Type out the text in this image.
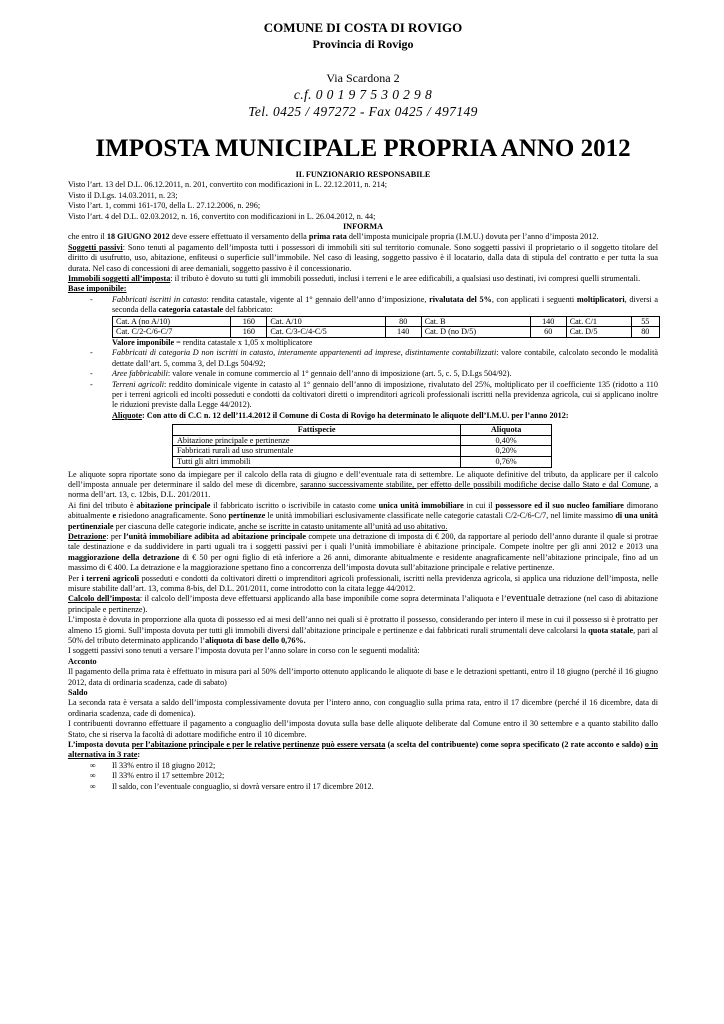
COMUNE DI COSTA DI ROVIGO
Provincia di Rovigo
Via Scardona 2
c.f. 0 0 1 9 7 5 3 0 2 9 8
Tel. 0425 / 497272 - Fax 0425 / 497149
IMPOSTA MUNICIPALE PROPRIA ANNO 2012
IL FUNZIONARIO RESPONSABILE

Visto l’art. 13 del D.L. 06.12.2011, n. 201, convertito con modificazioni in L. 22.12.2011, n. 214;

Visto il D.Lgs. 14.03.2011, n. 23;

Visto l’art. 1, commi 161-170, della L. 27.12.2006, n. 296;

Visto l’art. 4 del D.L. 02.03.2012, n. 16, convertito con modificazioni in L. 26.04.2012, n. 44;

INFORMA

che entro il 18 GIUGNO 2012 deve essere effettuato il versamento della prima rata dell’imposta municipale propria (I.M.U.) dovuta per l’anno d’imposta 2012.

Soggetti passivi: Sono tenuti al pagamento dell’imposta tutti i possessori di immobili siti sul territorio comunale. Sono soggetti passivi il proprietario o il soggetto titolare del diritto di usufrutto, uso, abitazione, enfiteusi o superficie sull’immobile. Nel caso di leasing, soggetto passivo è il locatario, dalla data di stipula del contratto e per tutta la sua durata. Nel caso di concessioni di aree demaniali, soggetto passivo è il concessionario.

Immobili soggetti all’imposta: il tributo è dovuto su tutti gli immobili posseduti, inclusi i terreni e le aree edificabili, a qualsiasi uso destinati, ivi compresi quelli strumentali.

Base imponibile:

- Fabbricati iscritti in catasto: rendita catastale, vigente al 1° gennaio dell’anno d’imposizione, rivalutata del 5%, con applicati i seguenti moltiplicatori, diversi a seconda della categoria catastale del fabbricato:
Cat. A (no A/10)	160	Cat. A/10	80	Cat. B	140	Cat. C/1	55
Cat. C/2-C/6-C/7	160	Cat. C/3-C/4-C/5	140	Cat. D (no D/5)	60	Cat. D/5	80

Valore imponibile = rendita catastale x 1,05 x moltiplicatore

- Fabbricati di categoria D non iscritti in catasto, interamente appartenenti ad imprese, distintamente contabilizzati: valore contabile, calcolato secondo le modalità dettate dall’art. 5, comma 3, del D.Lgs 504/92;
- Aree fabbricabili: valore venale in comune commercio al 1° gennaio dell’anno di imposizione (art. 5, c. 5, D.Lgs 504/92).
- Terreni agricoli: reddito dominicale vigente in catasto al 1° gennaio dell’anno di imposizione, rivalutato del 25%, moltiplicato per il coefficiente 135 (ridotto a 110 per i terreni agricoli ed incolti posseduti e condotti da coltivatori diretti o imprenditori agricoli professionali iscritti nella previdenza agricola, cui si applicano inoltre le riduzioni previste dalla Legge 44/2012).

Aliquote: Con atto di C.C n. 12 dell’11.4.2012 il Comune di Costa di Rovigo ha determinato le aliquote dell’I.M.U. per l’anno 2012:

Fattispecie	Aliquota
Abitazione principale e pertinenze	0,40%
Fabbricati rurali ad uso strumentale	0,20%
Tutti gli altri immobili	0,76%

Le aliquote sopra riportate sono da impiegare per il calcolo della rata di giugno e dell’eventuale rata di settembre. Le aliquote definitive del tributo, da applicare per il calcolo dell’imposta annuale per determinare il saldo del mese di dicembre, saranno successivamente stabilite, per effetto delle possibili modifiche decise dallo Stato e dal Comune, a norma dell’art. 13, c. 12bis, D.L. 201/2011.

Ai fini del tributo è abitazione principale il fabbricato iscritto o iscrivibile in catasto come unica unità immobiliare in cui il possessore ed il suo nucleo familiare dimorano abitualmente e risiedono anagraficamente. Sono pertinenze le unità immobiliari esclusivamente classificate nelle categorie catastali C/2-C/6-C/7, nel limite massimo di una unità pertinenziale per ciascuna delle categorie indicate, anche se iscritte in catasto unitamente all’unità ad uso abitativo.

Detrazione: per l’unità immobiliare adibita ad abitazione principale compete una detrazione di imposta di € 200, da rapportare al periodo dell’anno durante il quale si protrae tale destinazione e da suddividere in parti uguali tra i soggetti passivi per i quali l’unità immobiliare è abitazione principale. Compete inoltre per gli anni 2012 e 2013 una maggiorazione della detrazione di € 50 per ogni figlio di età inferiore a 26 anni, dimorante abitualmente e residente anagraficamente nell’abitazione principale, fino ad un massimo di € 400. La detrazione e la maggiorazione spettano fino a concorrenza dell’imposta dovuta sull’abitazione principale e relative pertinenze.

Per i terreni agricoli posseduti e condotti da coltivatori diretti o imprenditori agricoli professionali, iscritti nella previdenza agricola, si applica una riduzione dell’imposta, nelle misure stabilite dall’art. 13, comma 8-bis, del D.L. 201/2011, come introdotto con la citata legge 44/2012.

Calcolo dell’imposta: il calcolo dell’imposta deve effettuarsi applicando alla base imponibile come sopra determinata l’aliquota e l’eventuale detrazione (nel caso di abitazione principale e pertinenze).

L’imposta è dovuta in proporzione alla quota di possesso ed ai mesi dell’anno nei quali si è protratto il possesso, considerando per intero il mese in cui il possesso si è protratto per almeno 15 giorni. Sull’imposta dovuta per tutti gli immobili diversi dall’abitazione principale e pertinenze e dai fabbricati rurali strumentali deve calcolarsi la quota statale, pari al 50% del tributo determinato applicando l’aliquota di base dello 0,76%.

I soggetti passivi sono tenuti a versare l’imposta dovuta per l’anno solare in corso con le seguenti modalità:

Acconto

Il pagamento della prima rata è effettuato in misura pari al 50% dell’importo ottenuto applicando le aliquote di base e le detrazioni spettanti, entro il 18 giugno (perché il 16 giugno 2012, data di ordinaria scadenza, cade di sabato)

Saldo

La seconda rata è versata a saldo dell’imposta complessivamente dovuta per l’intero anno, con conguaglio sulla prima rata, entro il 17 dicembre (perché il 16 dicembre, data di ordinaria scadenza, cade di domenica).

I contribuenti dovranno effettuare il pagamento a conguaglio dell’imposta dovuta sulla base delle aliquote deliberate dal Comune entro il 30 settembre e a quanto stabilito dallo Stato, che si riserva la facoltà di adottare modifiche entro il 10 dicembre.

L’imposta dovuta per l’abitazione principale e per le relative pertinenze può essere versata (a scelta del contribuente) come sopra specificato (2 rate acconto e saldo) o in alternativa in 3 rate:

∞ Il 33% entro il 18 giugno 2012;
∞ Il 33% entro il 17 settembre 2012;
∞ Il saldo, con l’eventuale conguaglio, si dovrà versare entro il 17 dicembre 2012.
